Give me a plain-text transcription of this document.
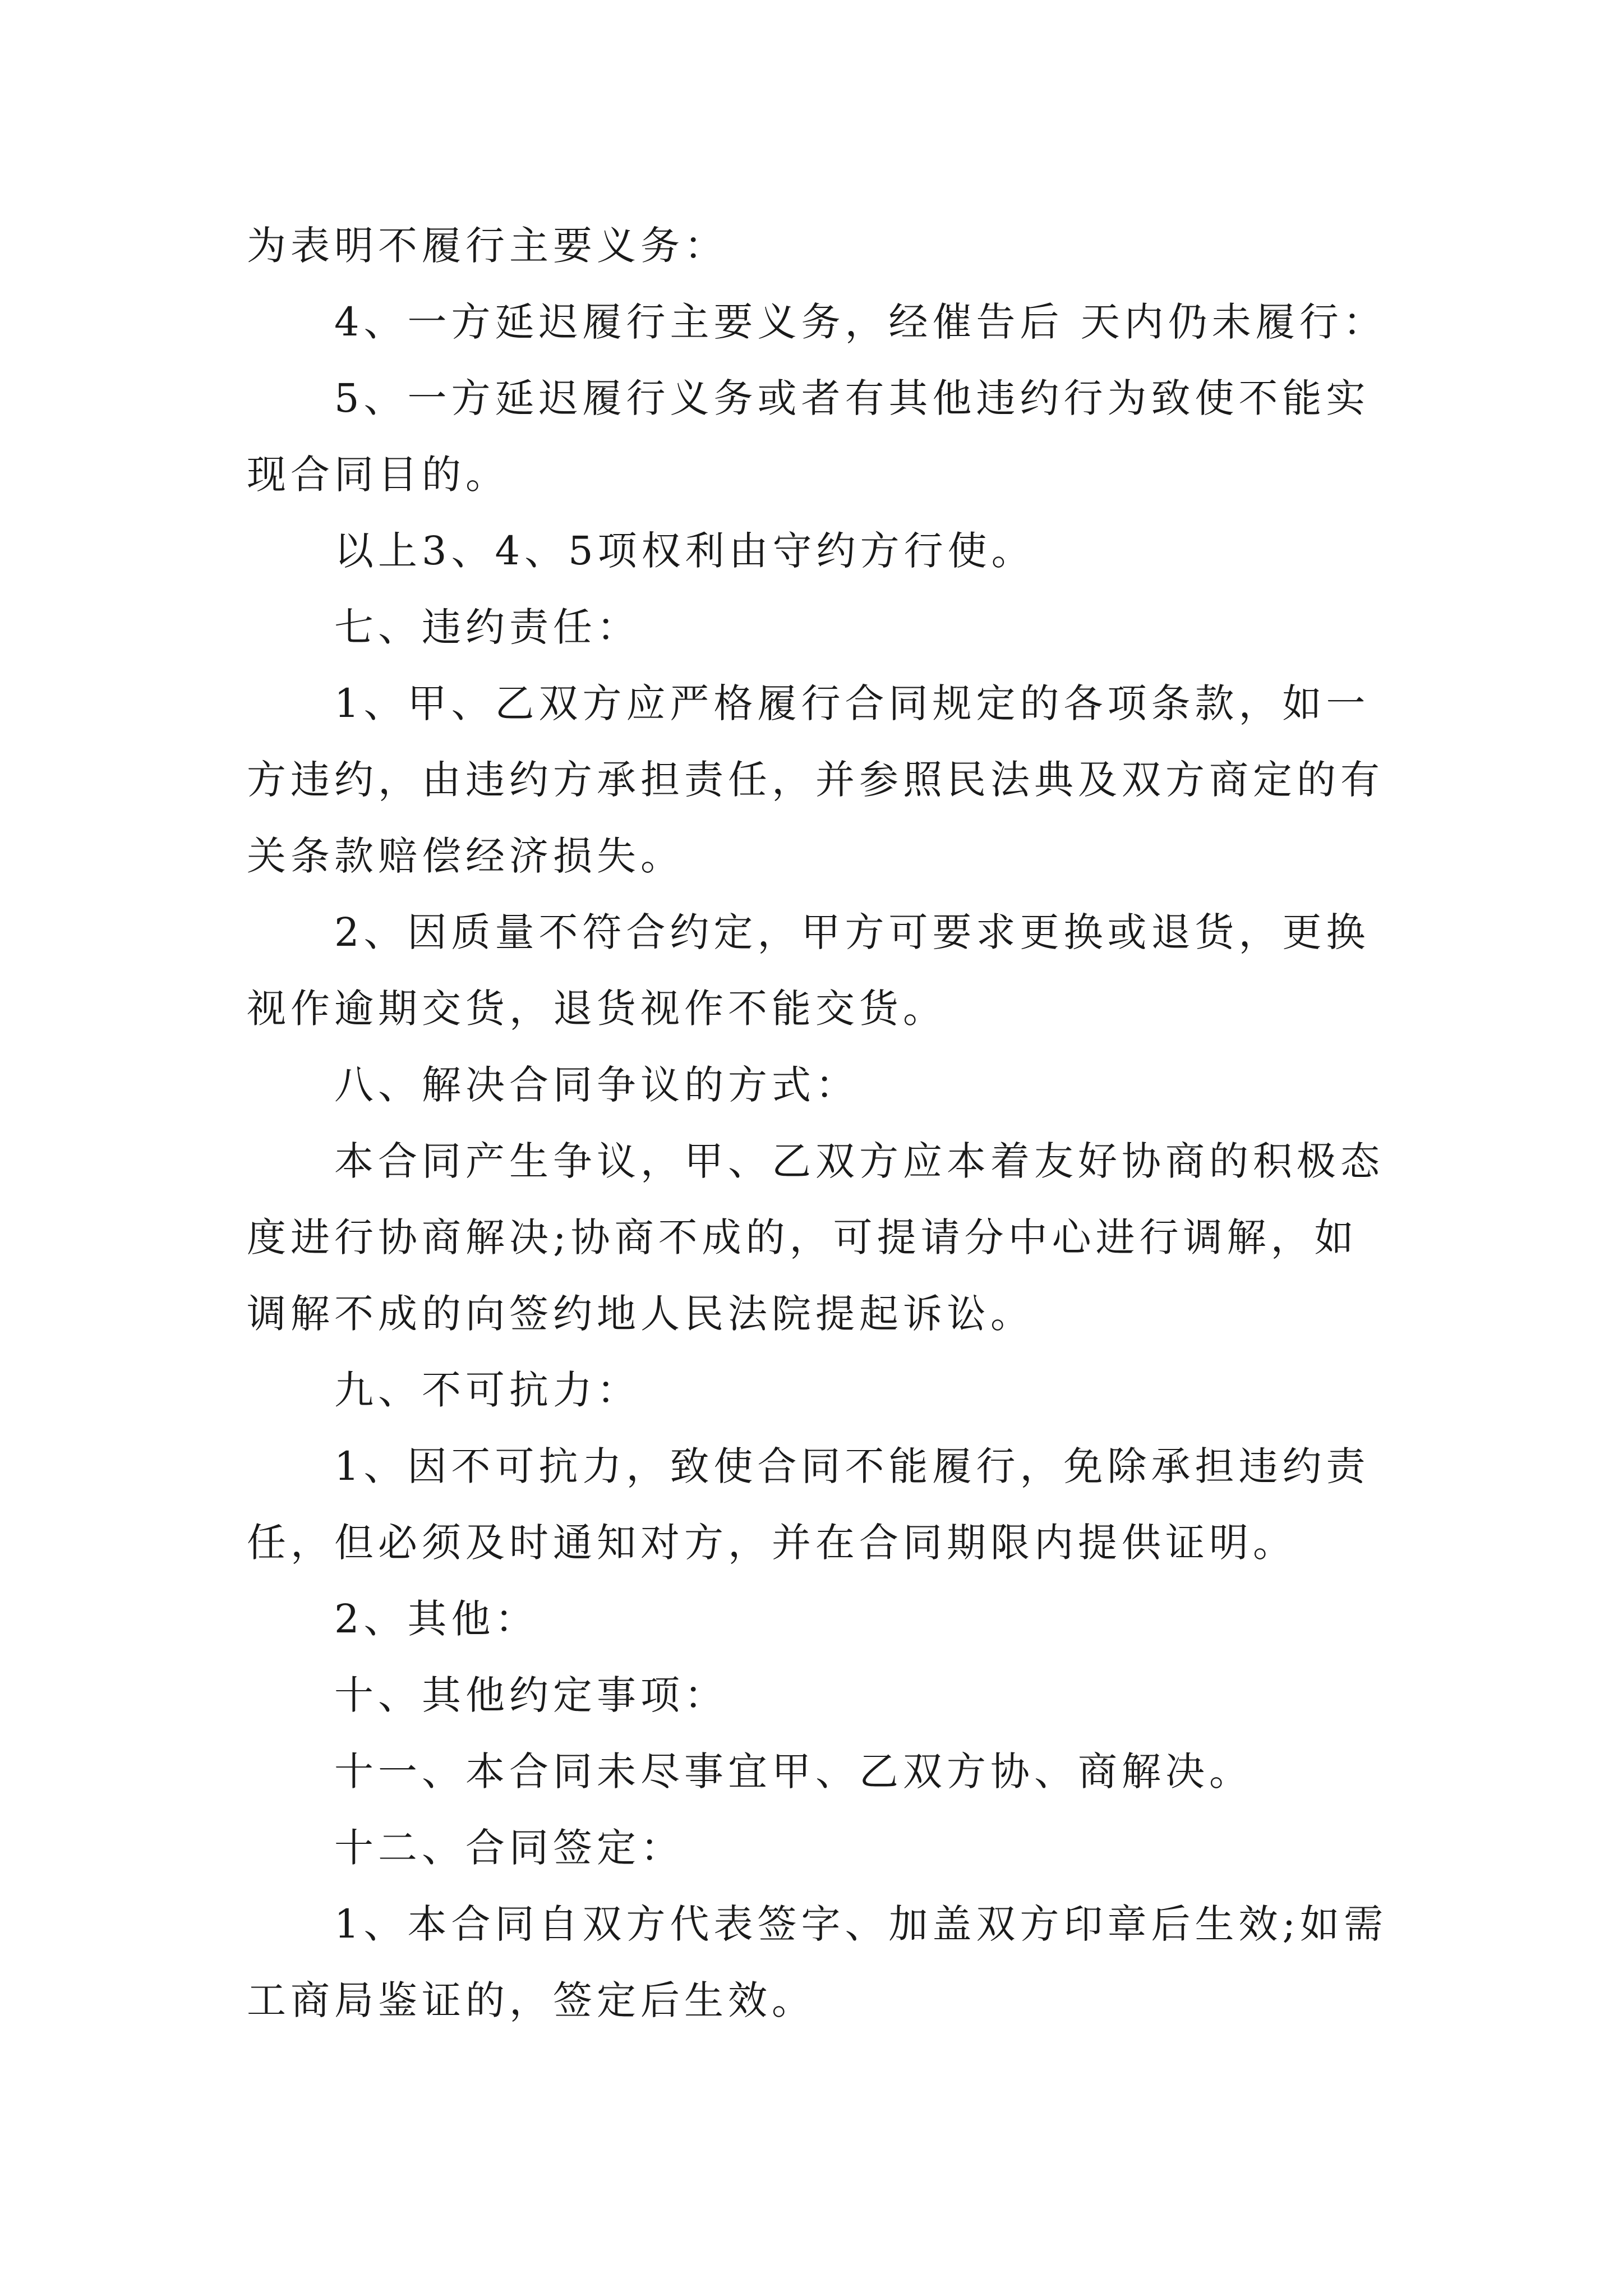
为表明不履行主要义务：

4、一方延迟履行主要义务，经催告后 天内仍未履行：

5、一方延迟履行义务或者有其他违约行为致使不能实现合同目的。

以上3、4、5项权利由守约方行使。

七、违约责任：

1、甲、乙双方应严格履行合同规定的各项条款，如一方违约，由违约方承担责任，并参照民法典及双方商定的有关条款赔偿经济损失。

2、因质量不符合约定，甲方可要求更换或退货，更换视作逾期交货，退货视作不能交货。

八、解决合同争议的方式：

本合同产生争议，甲、乙双方应本着友好协商的积极态度进行协商解决;协商不成的，可提请分中心进行调解，如调解不成的向签约地人民法院提起诉讼。

九、不可抗力：

1、因不可抗力，致使合同不能履行，免除承担违约责任，但必须及时通知对方，并在合同期限内提供证明。

2、其他：

十、其他约定事项：

十一、本合同未尽事宜甲、乙双方协、商解决。

十二、合同签定：

1、本合同自双方代表签字、加盖双方印章后生效;如需工商局鉴证的，签定后生效。
